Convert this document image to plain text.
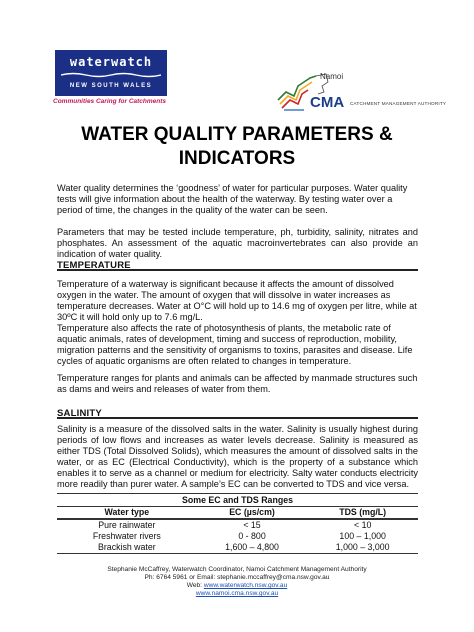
waterwatch
NEW SOUTH WALES
Communities Caring for Catchments
Namoi
CMA CATCHMENT MANAGEMENT AUTHORITY
WATER QUALITY PARAMETERS &
INDICATORS

Water quality determines the ‘goodness’ of water for particular purposes. Water quality tests will give information about the health of the waterway. By testing water over a period of time, the changes in the quality of the water can be seen.

Parameters that may be tested include temperature, ph, turbidity, salinity, nitrates and phosphates. An assessment of the aquatic macroinvertebrates can also provide an indication of water quality.

TEMPERATURE

Temperature of a waterway is significant because it affects the amount of dissolved oxygen in the water. The amount of oxygen that will dissolve in water increases as temperature decreases. Water at O°C will hold up to 14.6 mg of oxygen per litre, while at 30ºC it will hold only up to 7.6 mg/L.

Temperature also affects the rate of photosynthesis of plants, the metabolic rate of aquatic animals, rates of development, timing and success of reproduction, mobility, migration patterns and the sensitivity of organisms to toxins, parasites and disease. Life cycles of aquatic organisms are often related to changes in temperature.

Temperature ranges for plants and animals can be affected by manmade structures such as dams and weirs and releases of water from them.

SALINITY

Salinity is a measure of the dissolved salts in the water. Salinity is usually highest during periods of low flows and increases as water levels decrease. Salinity is measured as either TDS (Total Dissolved Solids), which measures the amount of dissolved salts in the water, or as EC (Electrical Conductivity), which is the property of a substance which enables it to serve as a channel or medium for electricity. Salty water conducts electricity more readily than purer water. A sample’s EC can be converted to TDS and vice versa.

Some EC and TDS Ranges		
Water type	EC (µs/cm)	TDS (mg/L)
Pure rainwater	< 15	< 10
Freshwater rivers	0 - 800	100 – 1,000
Brackish water	1,600 – 4,800	1,000 – 3,000
Stephanie McCaffrey, Waterwatch Coordinator, Namoi Catchment Management Authority
Ph: 6764 5961 or Email: stephanie.mccaffrey@cma.nsw.gov.au
Web: www.waterwatch.nsw.gov.au
www.namoi.cma.nsw.gov.au
